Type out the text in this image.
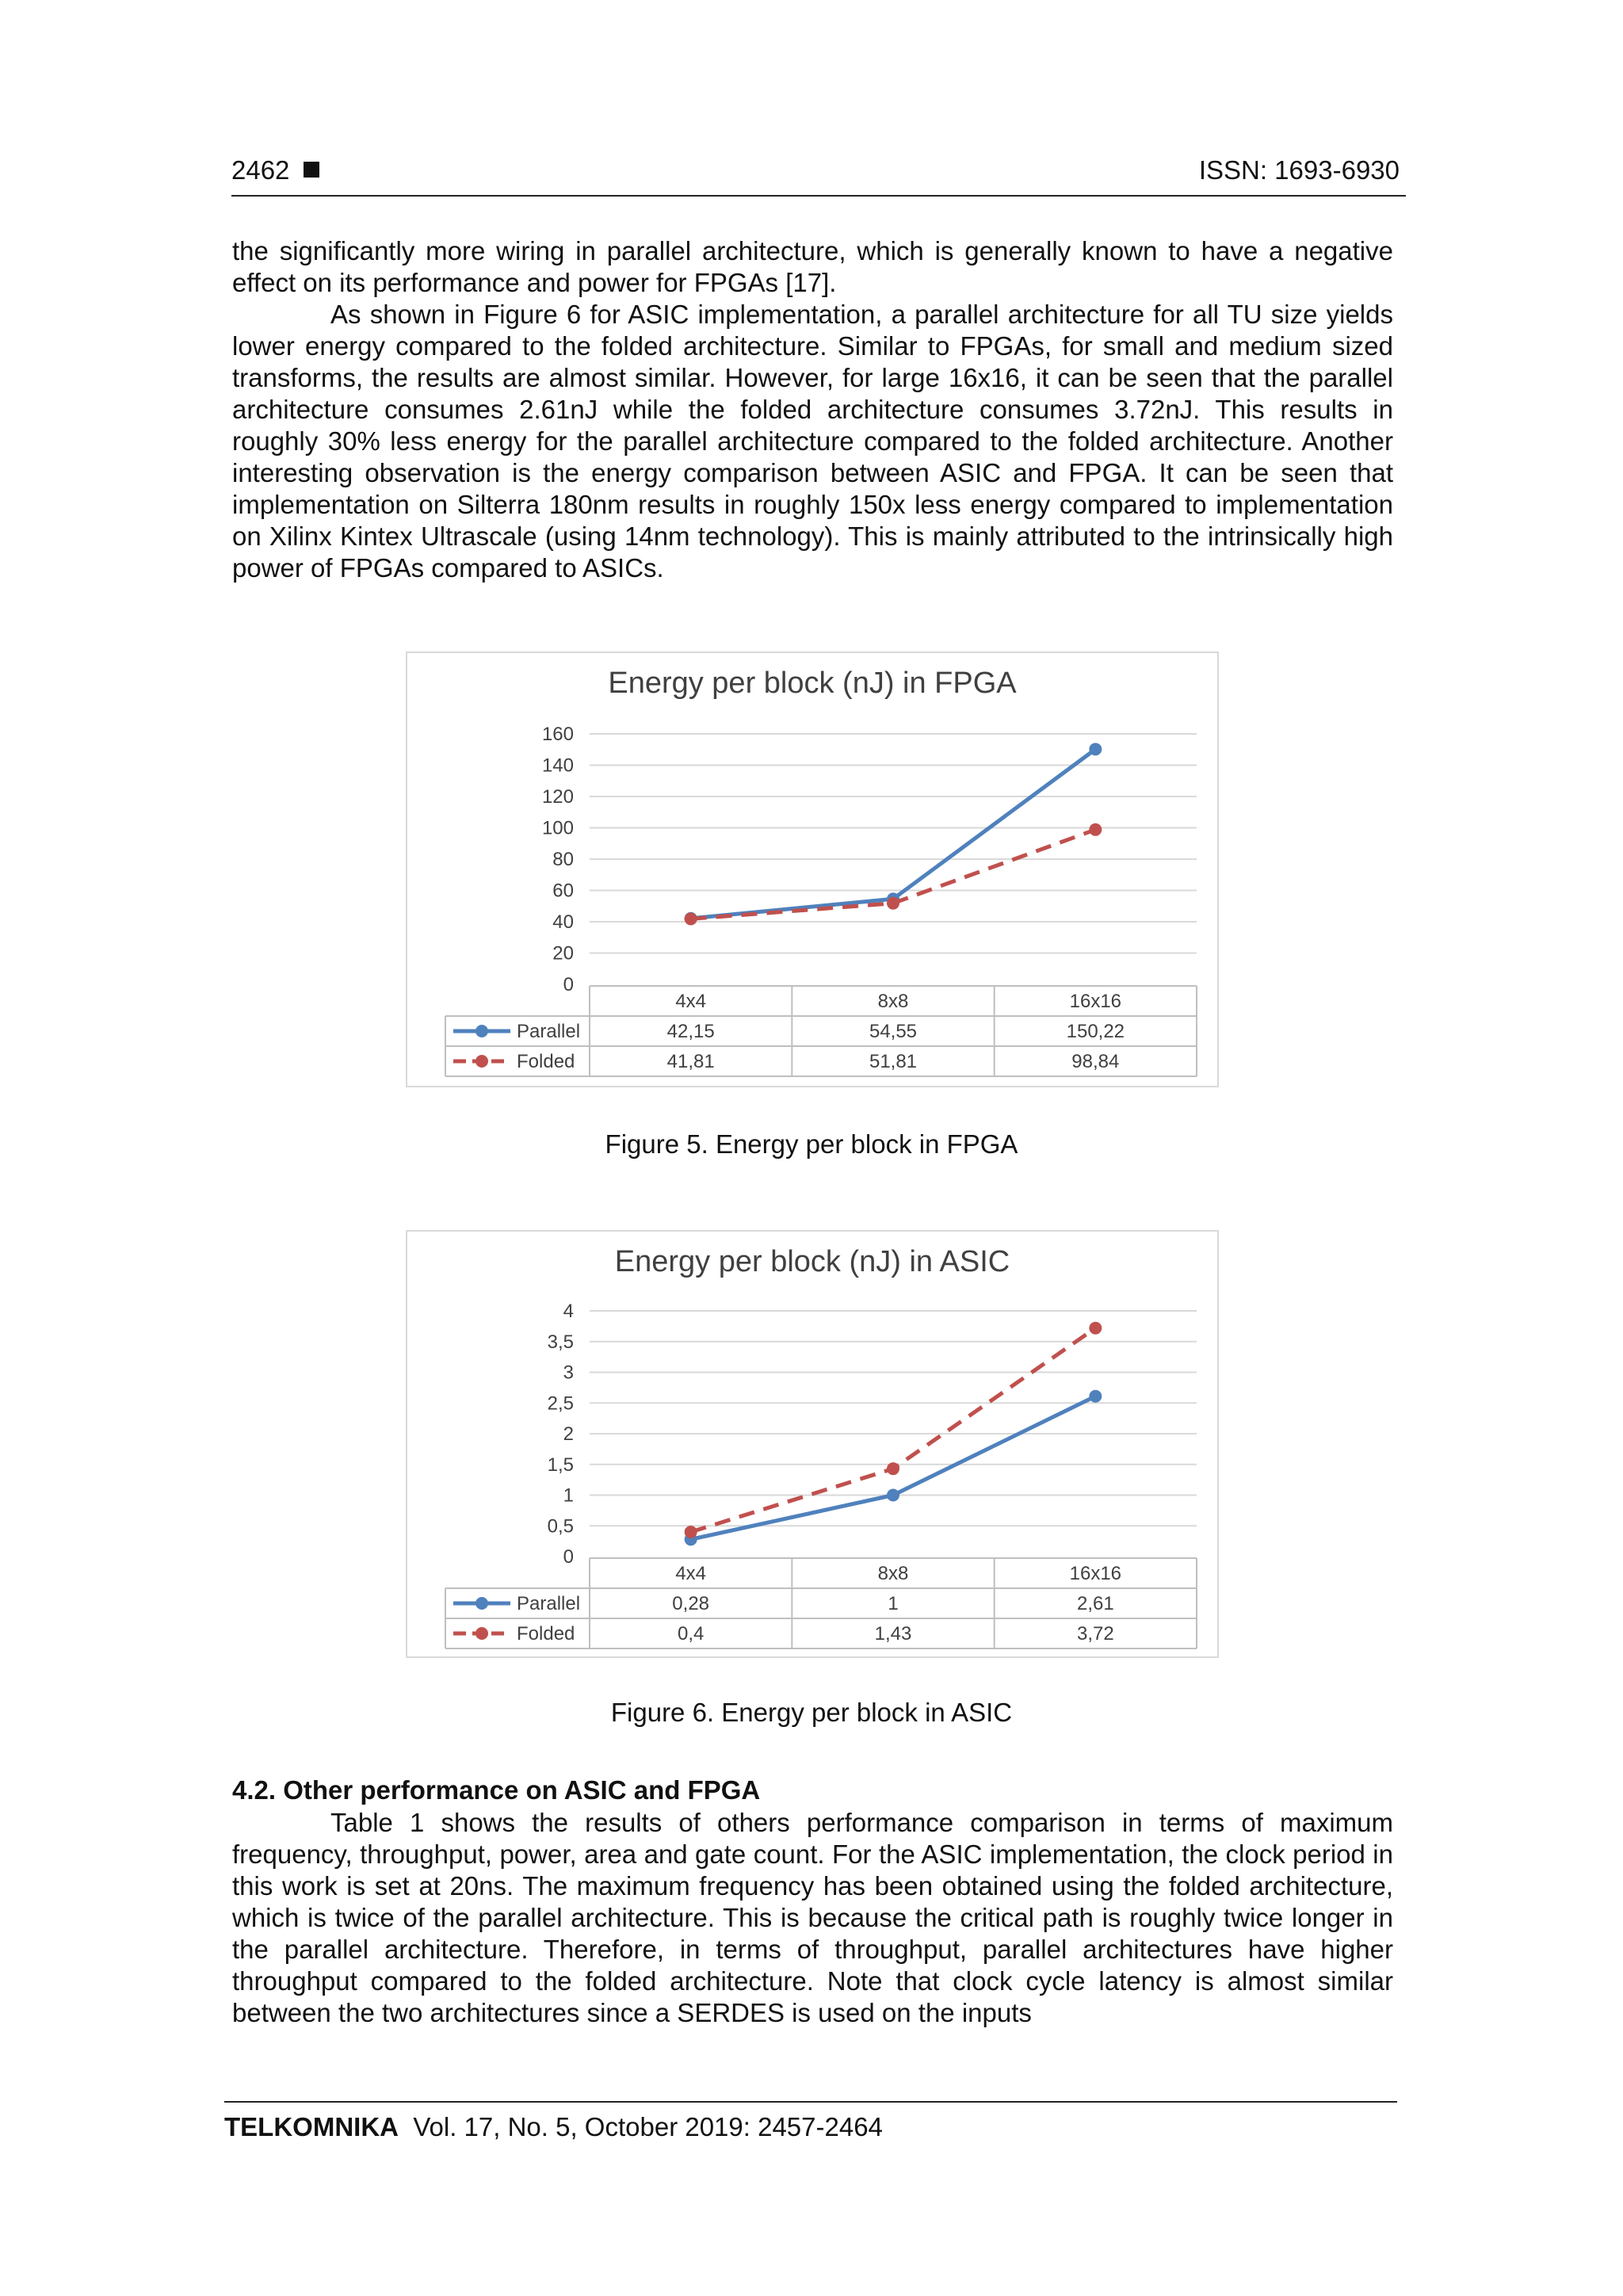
2462	ISSN: 1693-6930

the significantly more wiring in parallel architecture, which is generally known to have a negative effect on its performance and power for FPGAs [17].

As shown in Figure 6 for ASIC implementation, a parallel architecture for all TU size yields lower energy compared to the folded architecture. Similar to FPGAs, for small and medium sized transforms, the results are almost similar. However, for large 16x16, it can be seen that the parallel architecture consumes 2.61nJ while the folded architecture consumes 3.72nJ. This results in roughly 30% less energy for the parallel architecture compared to the folded architecture. Another interesting observation is the energy comparison between ASIC and FPGA. It can be seen that implementation on Silterra 180nm results in roughly 150x less energy compared to implementation on Xilinx Kintex Ultrascale (using 14nm technology). This is mainly attributed to the intrinsically high power of FPGAs compared to ASICs.

Energy per block (nJ) in FPGA
0
20
40
60
80
100
120
140
160
4x4	8x8	16x16
Parallel	42,15	54,55	150,22
Folded	41,81	51,81	98,84
Figure 5. Energy per block in FPGA
Energy per block (nJ) in ASIC
0
0,5
1
1,5
2
2,5
3
3,5
4
4x4	8x8	16x16
Parallel	0,28	1	2,61
Folded	0,4	1,43	3,72
Figure 6. Energy per block in ASIC
4.2. Other performance on ASIC and FPGA

Table 1 shows the results of others performance comparison in terms of maximum frequency, throughput, power, area and gate count. For the ASIC implementation, the clock period in this work is set at 20ns. The maximum frequency has been obtained using the folded architecture, which is twice of the parallel architecture. This is because the critical path is roughly twice longer in the parallel architecture. Therefore, in terms of throughput, parallel architectures have higher throughput compared to the folded architecture. Note that clock cycle latency is almost similar between the two architectures since a SERDES is used on the inputs

TELKOMNIKA Vol. 17, No. 5, October 2019: 2457-2464
